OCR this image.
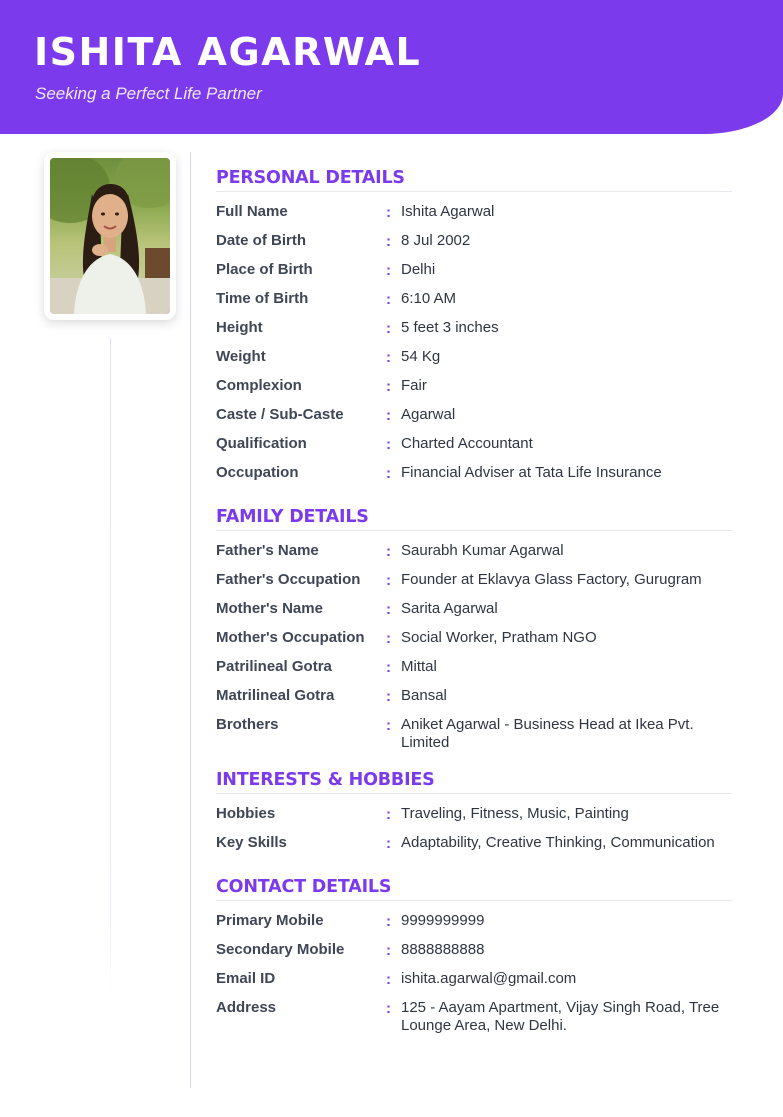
ISHITA AGARWAL
Seeking a Perfect Life Partner
PERSONAL DETAILS
Full Name	: Ishita Agarwal
Date of Birth	: 8 Jul 2002
Place of Birth	: Delhi
Time of Birth	: 6:10 AM
Height	: 5 feet 3 inches
Weight	: 54 Kg
Complexion	: Fair
Caste / Sub-Caste	: Agarwal
Qualification	: Charted Accountant
Occupation	: Financial Adviser at Tata Life Insurance
FAMILY DETAILS
Father's Name	: Saurabh Kumar Agarwal
Father's Occupation	: Founder at Eklavya Glass Factory, Gurugram
Mother's Name	: Sarita Agarwal
Mother's Occupation	: Social Worker, Pratham NGO
Patrilineal Gotra	: Mittal
Matrilineal Gotra	: Bansal
Brothers	: Aniket Agarwal - Business Head at Ikea Pvt. Limited
INTERESTS & HOBBIES
Hobbies	: Traveling, Fitness, Music, Painting
Key Skills	: Adaptability, Creative Thinking, Communication
CONTACT DETAILS
Primary Mobile	: 9999999999
Secondary Mobile	: 8888888888
Email ID	: ishita.agarwal@gmail.com
Address	: 125 - Aayam Apartment, Vijay Singh Road, Tree Lounge Area, New Delhi.
